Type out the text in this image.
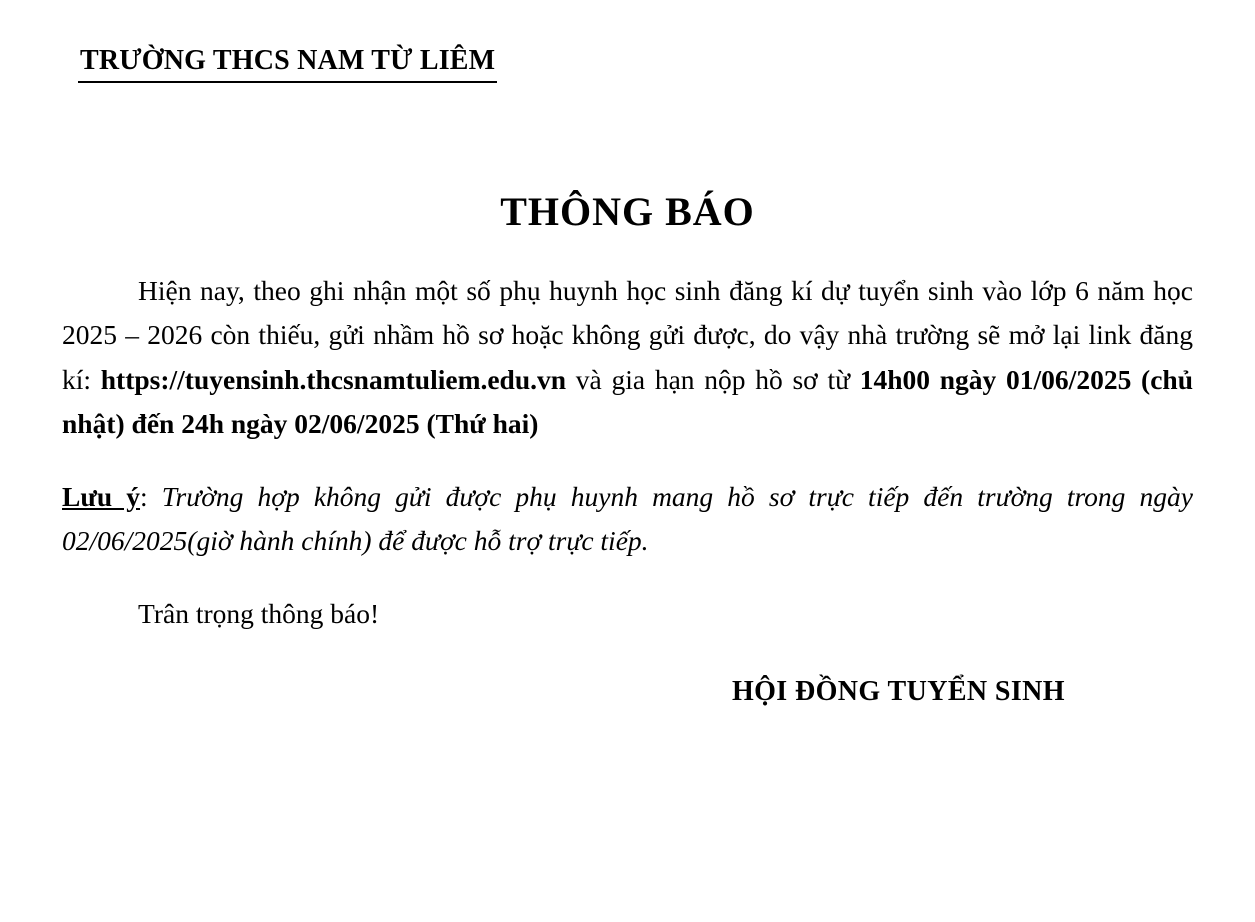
TRƯỜNG THCS NAM TỪ LIÊM
THÔNG BÁO

Hiện nay, theo ghi nhận một số phụ huynh học sinh đăng kí dự tuyển sinh vào lớp 6 năm học 2025 – 2026 còn thiếu, gửi nhầm hồ sơ hoặc không gửi được, do vậy nhà trường sẽ mở lại link đăng kí: https://tuyensinh.thcsnamtuliem.edu.vn và gia hạn nộp hồ sơ từ 14h00 ngày 01/06/2025 (chủ nhật) đến 24h ngày 02/06/2025 (Thứ hai)

Lưu ý: Trường hợp không gửi được phụ huynh mang hồ sơ trực tiếp đến trường trong ngày 02/06/2025(giờ hành chính) để được hỗ trợ trực tiếp.

Trân trọng thông báo!

HỘI ĐỒNG TUYỂN SINH
